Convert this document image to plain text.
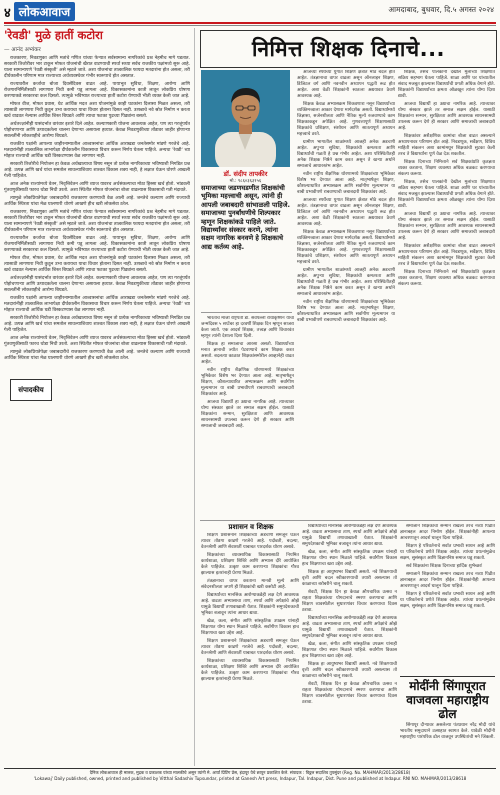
४ लोकआवाज	आमदाबाद, बुधवार, दि.५ अगस्त २०२४
'रेवडी' मुळे हातीं कटोरा
— आनंद अभ्यंकर

राजकारण, निवडणुका आणि मतांचे गणित यांच्या फेऱ्यात सर्वसामान्य नागरिकांचे प्रश्न नेहमीच मागे पडतात. सरकारी तिजोरीवर भार टाकून मोफत योजनांची खैरात वाटण्याची स्पर्धा सध्या सर्वच राजकीय पक्षांमध्ये सुरू आहे. याला सामान्यपणे 'रेवडी संस्कृती' असे म्हटले जाते. अशा योजनांचा तात्कालिक फायदा मतदारांना होत असला, तरी दीर्घकालीन परिणाम मात्र राज्याच्या अर्थव्यवस्थेवर गंभीर स्वरूपाचे होत असतात.

राज्यावरील कर्जाचा बोजा दिवसेंदिवस वाढत आहे. पायाभूत सुविधा, शिक्षण, आरोग्य आणि रोजगारनिर्मितीसाठी लागणारा निधी कमी पडू लागला आहे. विकासकामांना कात्री लावून लोकप्रिय घोषणा करण्याकडे सरकारचा कल दिसतो. त्यामुळे भविष्यात राज्याच्या हातीं कटोरा येण्याची भीती व्यक्त केली जात आहे.

मोफत वीज, मोफत प्रवास, थेट आर्थिक मदत अशा योजनांमुळे काही घटकांना दिलासा मिळत असला, तरी त्यासाठी लागणारा निधी कुठून उभा करायचा याचा विचार होताना दिसत नाही. उत्पन्नाचे नवे स्रोत निर्माण न करता खर्च वाढवत नेल्यास आर्थिक शिस्त बिघडते आणि त्याचा फटका पुढच्या पिढ्यांना बसतो.

अर्थतज्ज्ञांनीही यासंदर्भात वारंवार इशारे दिले आहेत. कल्याणकारी योजना आवश्यक आहेत, पण त्या गरजूंपर्यंत पोहोचणाऱ्या आणि उत्पादकतेला चालना देणाऱ्या असायला हव्यात. केवळ निवडणुकीच्या तोंडावर जाहीर होणाऱ्या सवलतींनी लोकशाहीचे आरोग्य बिघडते.

राजकीय पक्षांनी आपल्या जाहीरनाम्यातील आश्वासनांचा आर्थिक आराखडा जनतेसमोर मांडणे गरजेचे आहे. मतदारांनीही तात्कालिक लाभापेक्षा दीर्घकालीन विकासाचा विचार करून निर्णय घेतला पाहिजे. अन्यथा 'रेवडी' च्या मोहात राज्याची आर्थिक घडी विस्कटण्यास वेळ लागणार नाही.

सरकारी तिजोरीचे नियोजन हा केवळ अर्थखात्याचा विषय नसून तो प्रत्येक नागरिकाच्या भविष्याशी निगडित प्रश्न आहे. उत्पन्न आणि खर्च यांचा समतोल साधल्याशिवाय शाश्वत विकास शक्य नाही, हे लक्षात घेऊन धोरणे आखली गेली पाहिजेत.

आज अनेक राज्यांमध्ये वेतन, निवृत्तिवेतन आणि व्याज यावरच अर्थसंकल्पाचा मोठा हिस्सा खर्च होतो. भांडवली गुंतवणुकीसाठी फारच थोडा निधी उरतो. अशा स्थितीत मोफत योजनांचा बोजा वाढल्यास विकासाची गती मंदावते.

त्यामुळे लोकप्रियतेपेक्षा जबाबदारीचे राजकारण करण्याची वेळ आली आहे. जनतेचे कल्याण आणि राज्याची आर्थिक स्थिरता यांचा मेळ घालणारी धोरणे आखणे हीच खरी लोकसेवा ठरेल.

राजकारण, निवडणुका आणि मतांचे गणित यांच्या फेऱ्यात सर्वसामान्य नागरिकांचे प्रश्न नेहमीच मागे पडतात. सरकारी तिजोरीवर भार टाकून मोफत योजनांची खैरात वाटण्याची स्पर्धा सध्या सर्वच राजकीय पक्षांमध्ये सुरू आहे. याला सामान्यपणे 'रेवडी संस्कृती' असे म्हटले जाते. अशा योजनांचा तात्कालिक फायदा मतदारांना होत असला, तरी दीर्घकालीन परिणाम मात्र राज्याच्या अर्थव्यवस्थेवर गंभीर स्वरूपाचे होत असतात.

राज्यावरील कर्जाचा बोजा दिवसेंदिवस वाढत आहे. पायाभूत सुविधा, शिक्षण, आरोग्य आणि रोजगारनिर्मितीसाठी लागणारा निधी कमी पडू लागला आहे. विकासकामांना कात्री लावून लोकप्रिय घोषणा करण्याकडे सरकारचा कल दिसतो. त्यामुळे भविष्यात राज्याच्या हातीं कटोरा येण्याची भीती व्यक्त केली जात आहे.

मोफत वीज, मोफत प्रवास, थेट आर्थिक मदत अशा योजनांमुळे काही घटकांना दिलासा मिळत असला, तरी त्यासाठी लागणारा निधी कुठून उभा करायचा याचा विचार होताना दिसत नाही. उत्पन्नाचे नवे स्रोत निर्माण न करता खर्च वाढवत नेल्यास आर्थिक शिस्त बिघडते आणि त्याचा फटका पुढच्या पिढ्यांना बसतो.

अर्थतज्ज्ञांनीही यासंदर्भात वारंवार इशारे दिले आहेत. कल्याणकारी योजना आवश्यक आहेत, पण त्या गरजूंपर्यंत पोहोचणाऱ्या आणि उत्पादकतेला चालना देणाऱ्या असायला हव्यात. केवळ निवडणुकीच्या तोंडावर जाहीर होणाऱ्या सवलतींनी लोकशाहीचे आरोग्य बिघडते.

राजकीय पक्षांनी आपल्या जाहीरनाम्यातील आश्वासनांचा आर्थिक आराखडा जनतेसमोर मांडणे गरजेचे आहे. मतदारांनीही तात्कालिक लाभापेक्षा दीर्घकालीन विकासाचा विचार करून निर्णय घेतला पाहिजे. अन्यथा 'रेवडी' च्या मोहात राज्याची आर्थिक घडी विस्कटण्यास वेळ लागणार नाही.

सरकारी तिजोरीचे नियोजन हा केवळ अर्थखात्याचा विषय नसून तो प्रत्येक नागरिकाच्या भविष्याशी निगडित प्रश्न आहे. उत्पन्न आणि खर्च यांचा समतोल साधल्याशिवाय शाश्वत विकास शक्य नाही, हे लक्षात घेऊन धोरणे आखली गेली पाहिजेत.

आज अनेक राज्यांमध्ये वेतन, निवृत्तिवेतन आणि व्याज यावरच अर्थसंकल्पाचा मोठा हिस्सा खर्च होतो. भांडवली गुंतवणुकीसाठी फारच थोडा निधी उरतो. अशा स्थितीत मोफत योजनांचा बोजा वाढल्यास विकासाची गती मंदावते.

त्यामुळे लोकप्रियतेपेक्षा जबाबदारीचे राजकारण करण्याची वेळ आली आहे. जनतेचे कल्याण आणि राज्याची आर्थिक स्थिरता यांचा मेळ घालणारी धोरणे आखणे हीच खरी लोकसेवा ठरेल.

संपादकीय
निमित्त शिक्षक दिनाचे...
डॉ. संदीप तापकीर
मो.: ९८६०३६३१५६
समाजाच्या जडणघडणीत शिक्षकांची भूमिका महत्त्वाची असून, त्यांनी ही आपली जबाबदारी सांभाळली पाहिजे. समाजाच्या पुनर्बांधणीचे शिल्पकार म्हणून शिक्षकांकडे पाहिले जाते. विद्यार्थ्यांवर संस्कार करणे, त्यांना सक्षम नागरिक बनवणे हे शिक्षकाचे आद्य कर्तव्य आहे.

भारताचे माजी राष्ट्रपती डॉ. सर्वपल्ली राधाकृष्णन यांचा जन्मदिवस ५ सप्टेंबर हा दरवर्षी शिक्षक दिन म्हणून साजरा केला जातो. एक आदर्श शिक्षक, तत्त्वज्ञ आणि विचारवंत म्हणून त्यांनी देशाला दिशा दिली.

शिक्षक हा समाजाचा आरसा असतो. विद्यार्थ्यांच्या मनात ज्ञानाची ज्योत पेटवण्याचे काम शिक्षक करत असतो. बदलत्या काळात शिक्षकांसमोरील आव्हानेही वाढत आहेत.

नवीन राष्ट्रीय शैक्षणिक धोरणामध्ये शिक्षकांच्या भूमिकेवर विशेष भर देण्यात आला आहे. मातृभाषेतून शिक्षण, कौशल्याधारित अभ्यासक्रम आणि सर्वांगीण मूल्यमापन या बाबी प्रभावीपणे राबवण्याची जबाबदारी शिक्षकांवर आहे.

आजचा विद्यार्थी हा उद्याचा नागरिक आहे. त्याच्यावर योग्य संस्कार झाले तर समाज सक्षम होईल. यासाठी शिक्षकांना सन्मान, सुरक्षितता आणि आवश्यक साधनसामग्री उपलब्ध करून देणे ही सरकार आणि समाजाची जबाबदारी आहे.

आजच्या स्पर्धेच्या युगात शिक्षण क्षेत्रात मोठे बदल होत आहेत. तंत्रज्ञानाचा वापर वाढला असून ऑनलाइन शिक्षण, डिजिटल वर्ग आणि नवनवीन अध्यापन पद्धती रूढ होत आहेत. अशा वेळी शिक्षकांनी स्वतःला अद्ययावत ठेवणे आवश्यक आहे.

शिक्षक केवळ अभ्यासक्रम शिकवणारा नसून विद्यार्थ्यांच्या व्यक्तिमत्त्वाला आकार देणारा मार्गदर्शक असतो. विद्यार्थ्यांमध्ये जिज्ञासा, सर्जनशीलता आणि नैतिक मूल्ये रुजवण्याचे काम शिक्षकाकडून अपेक्षित आहे. गुणवत्तापूर्ण शिक्षणासाठी शिक्षकांचे प्रशिक्षण, संशोधन आणि सातत्यपूर्ण अध्ययन महत्त्वाचे ठरते.

ग्रामीण भागातील शाळांमध्ये आजही अनेक अडचणी आहेत. अपुऱ्या सुविधा, शिक्षकांची कमतरता आणि विद्यार्थ्यांची गळती हे प्रश्न गंभीर आहेत. अशा परिस्थितीतही अनेक शिक्षक निष्ठेने काम करत असून ते खऱ्या अर्थाने समाजाचे आधारस्तंभ आहेत.

नवीन राष्ट्रीय शैक्षणिक धोरणामध्ये शिक्षकांच्या भूमिकेवर विशेष भर देण्यात आला आहे. मातृभाषेतून शिक्षण, कौशल्याधारित अभ्यासक्रम आणि सर्वांगीण मूल्यमापन या बाबी प्रभावीपणे राबवण्याची जबाबदारी शिक्षकांवर आहे.

आजच्या स्पर्धेच्या युगात शिक्षण क्षेत्रात मोठे बदल होत आहेत. तंत्रज्ञानाचा वापर वाढला असून ऑनलाइन शिक्षण, डिजिटल वर्ग आणि नवनवीन अध्यापन पद्धती रूढ होत आहेत. अशा वेळी शिक्षकांनी स्वतःला अद्ययावत ठेवणे आवश्यक आहे.

शिक्षक केवळ अभ्यासक्रम शिकवणारा नसून विद्यार्थ्यांच्या व्यक्तिमत्त्वाला आकार देणारा मार्गदर्शक असतो. विद्यार्थ्यांमध्ये जिज्ञासा, सर्जनशीलता आणि नैतिक मूल्ये रुजवण्याचे काम शिक्षकाकडून अपेक्षित आहे. गुणवत्तापूर्ण शिक्षणासाठी शिक्षकांचे प्रशिक्षण, संशोधन आणि सातत्यपूर्ण अध्ययन महत्त्वाचे ठरते.

ग्रामीण भागातील शाळांमध्ये आजही अनेक अडचणी आहेत. अपुऱ्या सुविधा, शिक्षकांची कमतरता आणि विद्यार्थ्यांची गळती हे प्रश्न गंभीर आहेत. अशा परिस्थितीतही अनेक शिक्षक निष्ठेने काम करत असून ते खऱ्या अर्थाने समाजाचे आधारस्तंभ आहेत.

नवीन राष्ट्रीय शैक्षणिक धोरणामध्ये शिक्षकांच्या भूमिकेवर विशेष भर देण्यात आला आहे. मातृभाषेतून शिक्षण, कौशल्याधारित अभ्यासक्रम आणि सर्वांगीण मूल्यमापन या बाबी प्रभावीपणे राबवण्याची जबाबदारी शिक्षकांवर आहे.

शिक्षक, तसेच पालकांनी देखील मुलांच्या शिक्षणात सक्रिय सहभाग घेतला पाहिजे. शाळा आणि घर यांच्यातील संवाद मजबूत झाल्यास विद्यार्थ्यांची प्रगती अधिक वेगाने होते. शिक्षकांनी विद्यार्थ्यांच्या क्षमता ओळखून त्यांना योग्य दिशा द्यावी.

आजचा विद्यार्थी हा उद्याचा नागरिक आहे. त्याच्यावर योग्य संस्कार झाले तर समाज सक्षम होईल. यासाठी शिक्षकांना सन्मान, सुरक्षितता आणि आवश्यक साधनसामग्री उपलब्ध करून देणे ही सरकार आणि समाजाची जबाबदारी आहे.

शिक्षकांवर अशैक्षणिक कामांचा बोजा वाढत असल्याने अध्यापनावर परिणाम होत आहे. निवडणूक, सर्वेक्षण, विविध माहिती संकलन अशा कामांमधून शिक्षकांची सुटका केली तरच ते विद्यार्थ्यांना पूर्ण वेळ देऊ शकतील.

शिक्षक दिनाच्या निमित्ताने सर्व शिक्षकांप्रति कृतज्ञता व्यक्त करताना, शिक्षण व्यवस्था अधिक बळकट करण्याचा संकल्प करूया.

शिक्षक, तसेच पालकांनी देखील मुलांच्या शिक्षणात सक्रिय सहभाग घेतला पाहिजे. शाळा आणि घर यांच्यातील संवाद मजबूत झाल्यास विद्यार्थ्यांची प्रगती अधिक वेगाने होते. शिक्षकांनी विद्यार्थ्यांच्या क्षमता ओळखून त्यांना योग्य दिशा द्यावी.

आजचा विद्यार्थी हा उद्याचा नागरिक आहे. त्याच्यावर योग्य संस्कार झाले तर समाज सक्षम होईल. यासाठी शिक्षकांना सन्मान, सुरक्षितता आणि आवश्यक साधनसामग्री उपलब्ध करून देणे ही सरकार आणि समाजाची जबाबदारी आहे.

शिक्षकांवर अशैक्षणिक कामांचा बोजा वाढत असल्याने अध्यापनावर परिणाम होत आहे. निवडणूक, सर्वेक्षण, विविध माहिती संकलन अशा कामांमधून शिक्षकांची सुटका केली तरच ते विद्यार्थ्यांना पूर्ण वेळ देऊ शकतील.

शिक्षक दिनाच्या निमित्ताने सर्व शिक्षकांप्रति कृतज्ञता व्यक्त करताना, शिक्षण व्यवस्था अधिक बळकट करण्याचा संकल्प करूया.

प्रशासन व शिक्षक

शिक्षण प्रशासनाने शिक्षकांच्या अडचणी समजून घेऊन त्यावर तोडगा काढणे गरजेचे आहे. पदोन्नती, बदल्या, वेतनश्रेणी आणि सेवाशर्ती याबाबत पारदर्शक धोरण असावे.

शिक्षकांच्या व्यावसायिक विकासासाठी नियमित कार्यशाळा, प्रशिक्षण शिबिरे आणि अभ्यास दौरे आयोजित केले पाहिजेत. उत्कृष्ट काम करणाऱ्या शिक्षकांचा गौरव झाल्यास इतरांनाही प्रेरणा मिळते.

तंत्रज्ञानाचा वापर करताना मानवी मूल्ये आणि संवेदनशीलता जपणे ही शिक्षकांची खरी कसोटी आहे.

विद्यार्थ्यांच्या मानसिक आरोग्याकडेही लक्ष देणे आवश्यक आहे. वाढता अभ्यासाचा ताण, स्पर्धा आणि अपेक्षांचे ओझे यामुळे विद्यार्थी तणावाखाली येतात. शिक्षकांनी समुपदेशकाची भूमिका बजावून त्यांना आधार द्यावा.

खेळ, कला, संगीत आणि सांस्कृतिक उपक्रम यांनाही शिक्षणात योग्य स्थान मिळाले पाहिजे. सर्वांगीण विकास हाच शिक्षणाचा खरा उद्देश आहे.

शिक्षण प्रशासनाने शिक्षकांच्या अडचणी समजून घेऊन त्यावर तोडगा काढणे गरजेचे आहे. पदोन्नती, बदल्या, वेतनश्रेणी आणि सेवाशर्ती याबाबत पारदर्शक धोरण असावे.

शिक्षकांच्या व्यावसायिक विकासासाठी नियमित कार्यशाळा, प्रशिक्षण शिबिरे आणि अभ्यास दौरे आयोजित केले पाहिजेत. उत्कृष्ट काम करणाऱ्या शिक्षकांचा गौरव झाल्यास इतरांनाही प्रेरणा मिळते.

विद्यार्थ्यांच्या मानसिक आरोग्याकडेही लक्ष देणे आवश्यक आहे. वाढता अभ्यासाचा ताण, स्पर्धा आणि अपेक्षांचे ओझे यामुळे विद्यार्थी तणावाखाली येतात. शिक्षकांनी समुपदेशकाची भूमिका बजावून त्यांना आधार द्यावा.

खेळ, कला, संगीत आणि सांस्कृतिक उपक्रम यांनाही शिक्षणात योग्य स्थान मिळाले पाहिजे. सर्वांगीण विकास हाच शिक्षणाचा खरा उद्देश आहे.

शिक्षक हा आयुष्यभर विद्यार्थी असतो. नवे शिकण्याची वृत्ती आणि बदल स्वीकारण्याची तयारी असल्यास तो काळाच्या बरोबरीने चालू शकतो.

शेवटी, शिक्षक दिन हा केवळ औपचारिक उत्सव न राहता शिक्षकांच्या योगदानाचे स्मरण करण्याचा आणि शिक्षण व्यवस्थेतील सुधारणांवर विचार करण्याचा दिवस ठरावा.

विद्यार्थ्यांच्या मानसिक आरोग्याकडेही लक्ष देणे आवश्यक आहे. वाढता अभ्यासाचा ताण, स्पर्धा आणि अपेक्षांचे ओझे यामुळे विद्यार्थी तणावाखाली येतात. शिक्षकांनी समुपदेशकाची भूमिका बजावून त्यांना आधार द्यावा.

खेळ, कला, संगीत आणि सांस्कृतिक उपक्रम यांनाही शिक्षणात योग्य स्थान मिळाले पाहिजे. सर्वांगीण विकास हाच शिक्षणाचा खरा उद्देश आहे.

शिक्षक हा आयुष्यभर विद्यार्थी असतो. नवे शिकण्याची वृत्ती आणि बदल स्वीकारण्याची तयारी असल्यास तो काळाच्या बरोबरीने चालू शकतो.

शेवटी, शिक्षक दिन हा केवळ औपचारिक उत्सव न राहता शिक्षकांच्या योगदानाचे स्मरण करण्याचा आणि शिक्षण व्यवस्थेतील सुधारणांवर विचार करण्याचा दिवस ठरावा.

समाजाने शिक्षकांचा सन्मान राखला तरच नव्या पिढीत ज्ञानाबद्दल आदर निर्माण होईल. शिक्षकांनीही आपल्या आचरणातून आदर्श घालून दिला पाहिजे.

शिक्षण हे परिवर्तनाचे सर्वात प्रभावी साधन आहे आणि या परिवर्तनाचे प्रणेते शिक्षक आहेत. त्यांच्या प्रयत्नांमुळेच सक्षम, सुसंस्कृत आणि विज्ञाननिष्ठ समाज घडू शकतो.

सर्व शिक्षकांना शिक्षक दिनाच्या हार्दिक शुभेच्छा!

समाजाने शिक्षकांचा सन्मान राखला तरच नव्या पिढीत ज्ञानाबद्दल आदर निर्माण होईल. शिक्षकांनीही आपल्या आचरणातून आदर्श घालून दिला पाहिजे.

शिक्षण हे परिवर्तनाचे सर्वात प्रभावी साधन आहे आणि या परिवर्तनाचे प्रणेते शिक्षक आहेत. त्यांच्या प्रयत्नांमुळेच सक्षम, सुसंस्कृत आणि विज्ञाननिष्ठ समाज घडू शकतो.

मोदींनी सिंगापूरात वाजवला महाराष्ट्रीय ढोल

सिंगापूर दौऱ्यावर असलेल्या पंतप्रधान नरेंद्र मोदी यांचे भारतीय समुदायाने उत्साहात स्वागत केले. यावेळी मोदींनी महाराष्ट्रीय पारंपरिक ढोल वाजवून उपस्थितांची मने जिंकली.

दैनिक लोकआवाज ही मालक, मुद्रक व प्रकाशक यांच्या मालकीचे असून त्यांनी मे. आर्या प्रिंटिंग प्रेस, इंदापूर येथे छापून प्रकाशित केले. संपादक : विठ्ठल सदाशिव तुपसुंदर (Reg. No. MAHMAR/2013/28618)
'Lokawaj' Daily published, owned, printed and published by Vitthal Sadashiv Tupsundar, printed at Ganesh Art press, Indapur, Tal. Indapur, Dist. Pune and published at Indapur. RNI NO. MAHMAR/2013/28618
